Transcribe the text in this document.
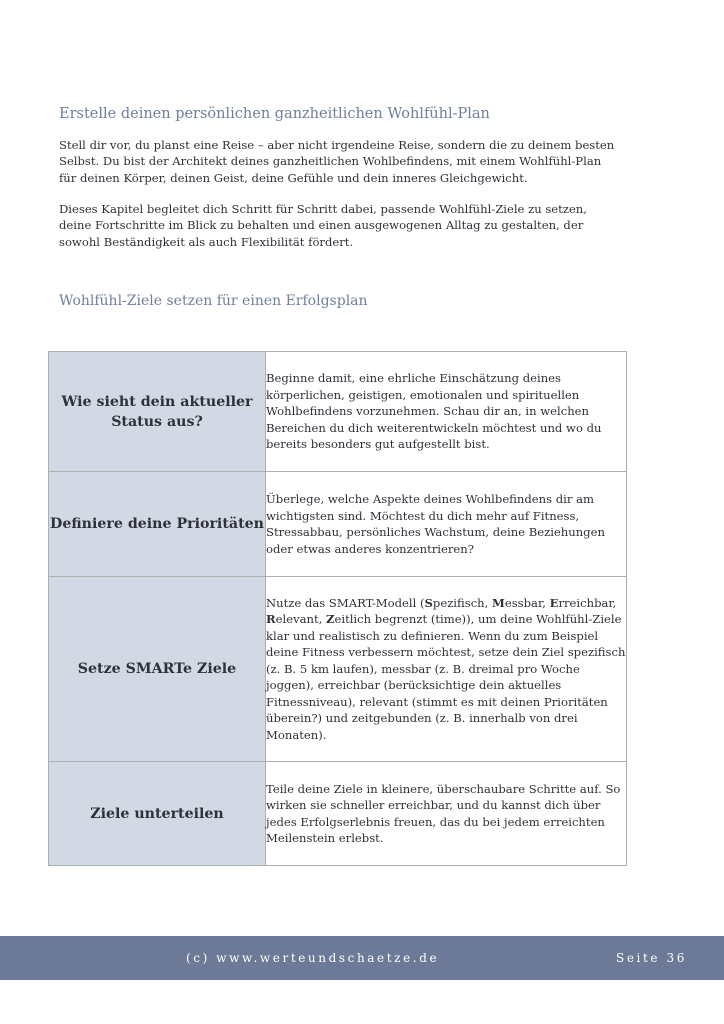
Erstelle deinen persönlichen ganzheitlichen Wohlfühl-Plan

Stell dir vor, du planst eine Reise – aber nicht irgendeine Reise, sondern die zu deinem besten Selbst. Du bist der Architekt deines ganzheitlichen Wohlbefindens, mit einem Wohlfühl-Plan für deinen Körper, deinen Geist, deine Gefühle und dein inneres Gleichgewicht.

Dieses Kapitel begleitet dich Schritt für Schritt dabei, passende Wohlfühl-Ziele zu setzen, deine Fortschritte im Blick zu behalten und einen ausgewogenen Alltag zu gestalten, der sowohl Beständigkeit als auch Flexibilität fördert.

Wohlfühl-Ziele setzen für einen Erfolgsplan
Wie sieht dein aktueller Status aus?	Beginne damit, eine ehrliche Einschätzung deines körperlichen, geistigen, emotionalen und spirituellen Wohlbefindens vorzunehmen. Schau dir an, in welchen Bereichen du dich weiterentwickeln möchtest und wo du bereits besonders gut aufgestellt bist.
Definiere deine Prioritäten	Überlege, welche Aspekte deines Wohlbefindens dir am wichtigsten sind. Möchtest du dich mehr auf Fitness, Stressabbau, persönliches Wachstum, deine Beziehungen oder etwas anderes konzentrieren?
Setze SMARTe Ziele	Nutze das SMART-Modell (Spezifisch, Messbar, Erreichbar, Relevant, Zeitlich begrenzt (time)), um deine Wohlfühl-Ziele klar und realistisch zu definieren. Wenn du zum Beispiel deine Fitness verbessern möchtest, setze dein Ziel spezifisch (z. B. 5 km laufen), messbar (z. B. dreimal pro Woche joggen), erreichbar (berücksichtige dein aktuelles Fitnessniveau), relevant (stimmt es mit deinen Prioritäten überein?) und zeitgebunden (z. B. innerhalb von drei Monaten).
Ziele unterteilen	Teile deine Ziele in kleinere, überschaubare Schritte auf. So wirken sie schneller erreichbar, und du kannst dich über jedes Erfolgserlebnis freuen, das du bei jedem erreichten Meilenstein erlebst.
(c) www.werteundschaetze.de	Seite 36
